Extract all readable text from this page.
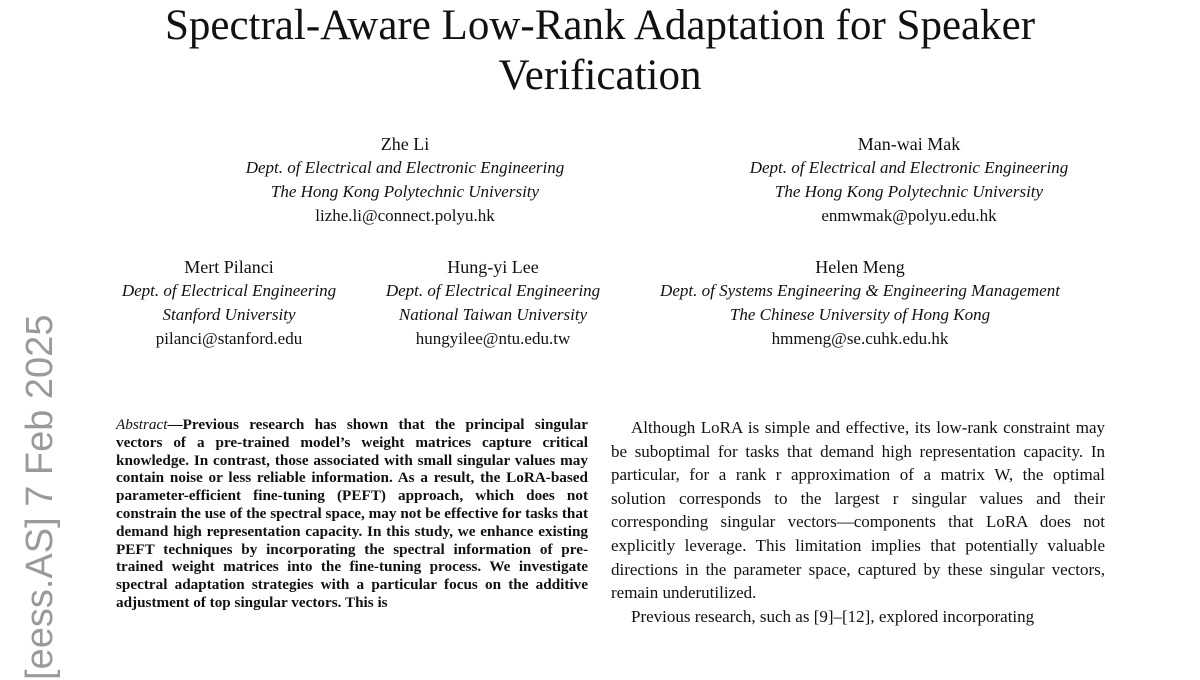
Spectral-Aware Low-Rank Adaptation for Speaker
Verification
Zhe Li
Dept. of Electrical and Electronic Engineering
The Hong Kong Polytechnic University
lizhe.li@connect.polyu.hk
Man-wai Mak
Dept. of Electrical and Electronic Engineering
The Hong Kong Polytechnic University
enmwmak@polyu.edu.hk
Mert Pilanci
Dept. of Electrical Engineering
Stanford University
pilanci@stanford.edu
Hung-yi Lee
Dept. of Electrical Engineering
National Taiwan University
hungyilee@ntu.edu.tw
Helen Meng
Dept. of Systems Engineering & Engineering Management
The Chinese University of Hong Kong
hmmeng@se.cuhk.edu.hk
[eess.AS] 7 Feb 2025	Abstract—Previous research has shown that the principal singular vectors of a pre-trained model’s weight matrices capture critical knowledge. In contrast, those associated with small singular values may contain noise or less reliable information. As a result, the LoRA-based parameter-efficient fine-tuning (PEFT) approach, which does not constrain the use of the spectral space, may not be effective for tasks that demand high representation capacity. In this study, we enhance existing PEFT techniques by incorporating the spectral information of pre-trained weight matrices into the fine-tuning process. We investigate spectral adaptation strategies with a particular focus on the additive adjustment of top singular vectors. This is

Although LoRA is simple and effective, its low-rank constraint may be suboptimal for tasks that demand high representation capacity. In particular, for a rank r approximation of a matrix W, the optimal solution corresponds to the largest r singular values and their corresponding singular vectors—components that LoRA does not explicitly leverage. This limitation implies that potentially valuable directions in the parameter space, captured by these singular vectors, remain underutilized.

Previous research, such as [9]–[12], explored incorporating
